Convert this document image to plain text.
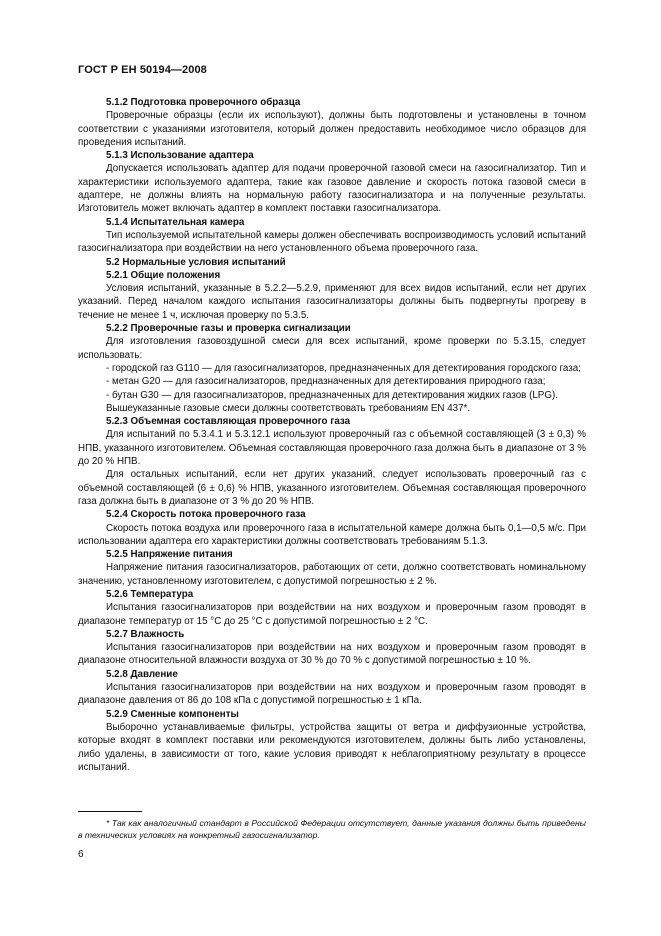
ГОСТ Р ЕН 50194—2008

5.1.2 Подготовка проверочного образца

Проверочные образцы (если их используют), должны быть подготовлены и установлены в точном соответствии с указаниями изготовителя, который должен предоставить необходимое число образцов для проведения испытаний.

5.1.3 Использование адаптера

Допускается использовать адаптер для подачи проверочной газовой смеси на газосигнализатор. Тип и характеристики используемого адаптера, такие как газовое давление и скорость потока газовой смеси в адаптере, не должны влиять на нормальную работу газосигнализатора и на полученные результаты. Изготовитель может включать адаптер в комплект поставки газосигнализатора.

5.1.4 Испытательная камера

Тип используемой испытательной камеры должен обеспечивать воспроизводимость условий испытаний газосигнализатора при воздействии на него установленного объема проверочного газа.

5.2 Нормальные условия испытаний

5.2.1 Общие положения

Условия испытаний, указанные в 5.2.2—5.2.9, применяют для всех видов испытаний, если нет других указаний. Перед началом каждого испытания газосигнализаторы должны быть подвергнуты прогреву в течение не менее 1 ч, исключая проверку по 5.3.5.

5.2.2 Проверочные газы и проверка сигнализации

Для изготовления газовоздушной смеси для всех испытаний, кроме проверки по 5.3.15, следует использовать:

- городской газ G110 — для газосигнализаторов, предназначенных для детектирования городского газа;

- метан G20 — для газосигнализаторов, предназначенных для детектирования природного газа;

- бутан G30 — для газосигнализаторов, предназначенных для детектирования жидких газов (LPG).

Вышеуказанные газовые смеси должны соответствовать требованиям EN 437*.

5.2.3 Объемная составляющая проверочного газа

Для испытаний по 5.3.4.1 и 5.3.12.1 используют проверочный газ с объемной составляющей (3 ± 0,3) % НПВ, указанного изготовителем. Объемная составляющая проверочного газа должна быть в диапазоне от 3 % до 20 % НПВ.

Для остальных испытаний, если нет других указаний, следует использовать проверочный газ с объемной составляющей (6 ± 0,6) % НПВ, указанного изготовителем. Объемная составляющая проверочного газа должна быть в диапазоне от 3 % до 20 % НПВ.

5.2.4 Скорость потока проверочного газа

Скорость потока воздуха или проверочного газа в испытательной камере должна быть 0,1—0,5 м/с. При использовании адаптера его характеристики должны соответствовать требованиям 5.1.3.

5.2.5 Напряжение питания

Напряжение питания газосигнализаторов, работающих от сети, должно соответствовать номинальному значению, установленному изготовителем, с допустимой погрешностью ± 2 %.

5.2.6 Температура

Испытания газосигнализаторов при воздействии на них воздухом и проверочным газом проводят в диапазоне температур от 15 °С до 25 °С с допустимой погрешностью ± 2 °С.

5.2.7 Влажность

Испытания газосигнализаторов при воздействии на них воздухом и проверочным газом проводят в диапазоне относительной влажности воздуха от 30 % до 70 % с допустимой погрешностью ± 10 %.

5.2.8 Давление

Испытания газосигнализаторов при воздействии на них воздухом и проверочным газом проводят в диапазоне давления от 86 до 108 кПа с допустимой погрешностью ± 1 кПа.

5.2.9 Сменные компоненты

Выборочно устанавливаемые фильтры, устройства защиты от ветра и диффузионные устройства, которые входят в комплект поставки или рекомендуются изготовителем, должны быть либо установлены, либо удалены, в зависимости от того, какие условия приводят к неблагоприятному результату в процессе испытаний.

* Так как аналогичный стандарт в Российской Федерации отсутствует, данные указания должны быть приведены в технических условиях на конкретный газосигнализатор.

6
